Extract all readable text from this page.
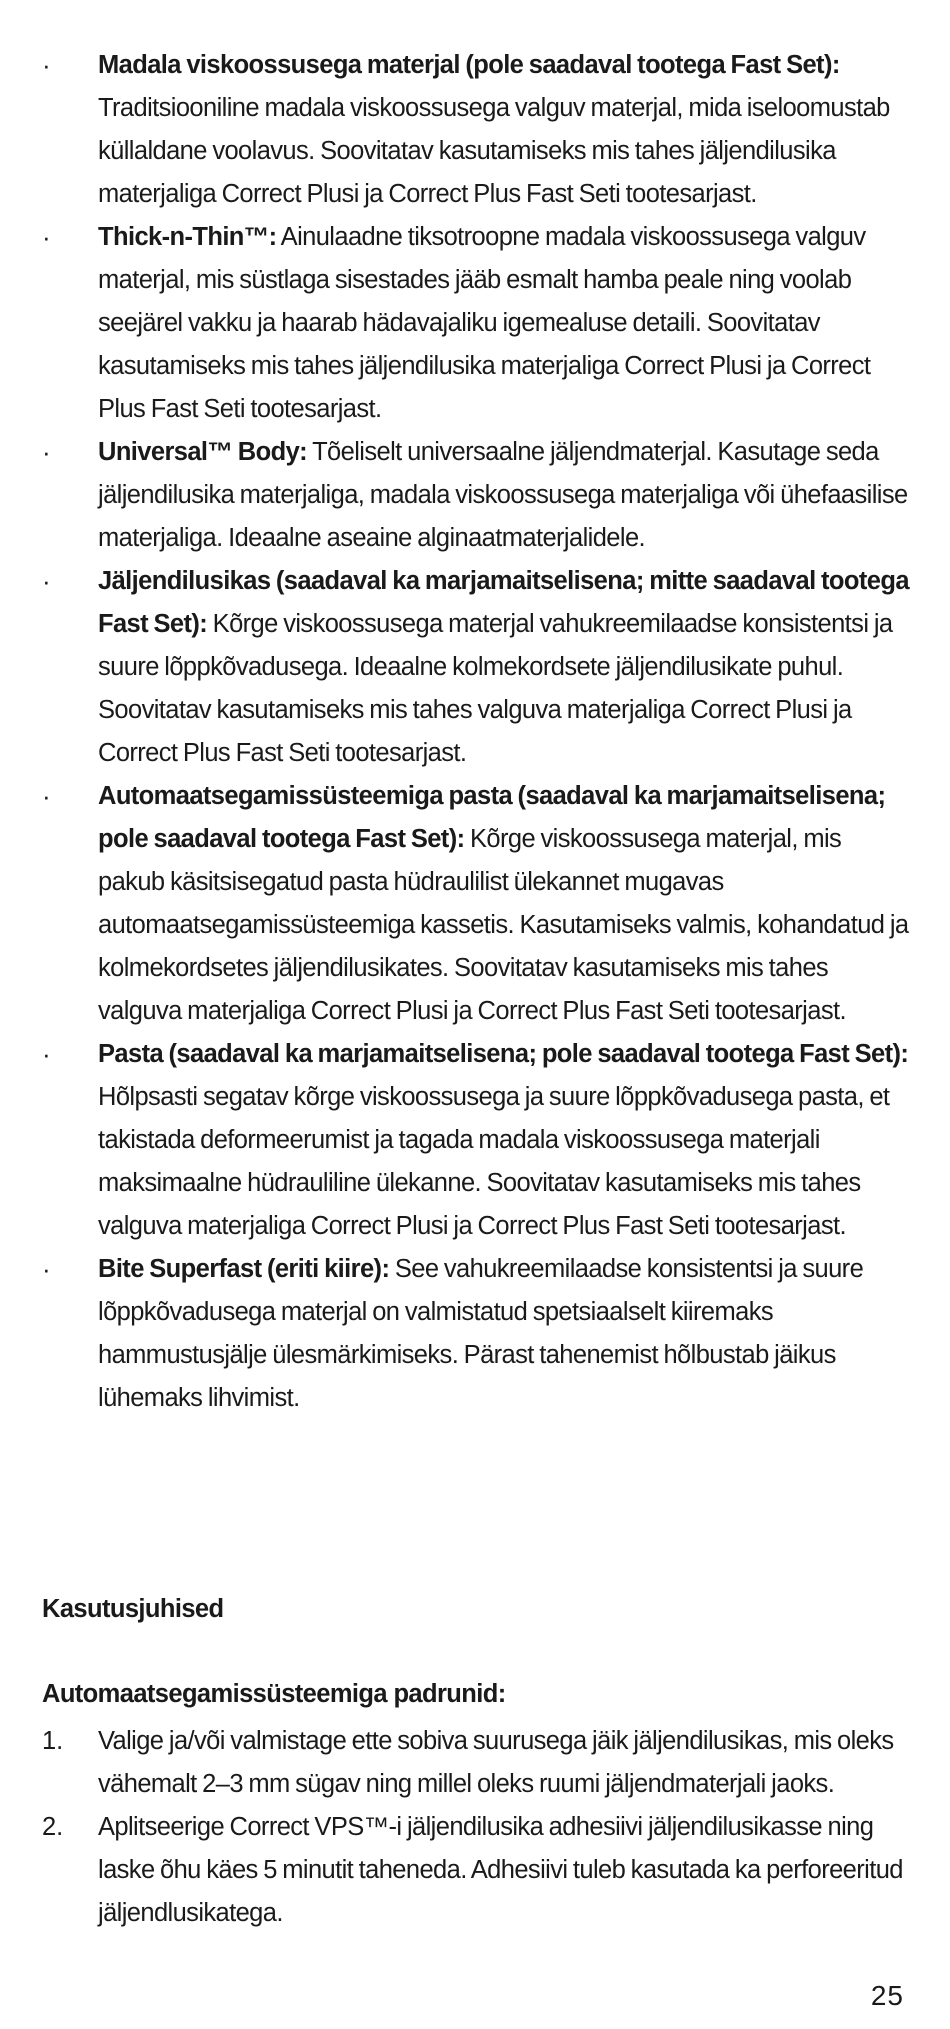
·	Madala viskoossusega materjal (pole saadaval tootega Fast Set): Traditsiooniline madala viskoossusega valguv materjal, mida iseloomustab küllaldane voolavus. Soovitatav kasutamiseks mis tahes jäljendilusika materjaliga Correct Plusi ja Correct Plus Fast Seti tootesarjast.
·	Thick-n-Thin™: Ainulaadne tiksotroopne madala viskoossusega valguv materjal, mis süstlaga sisestades jääb esmalt hamba peale ning voolab seejärel vakku ja haarab hädavajaliku igemealuse detaili. Soovitatav kasutamiseks mis tahes jäljendilusika materjaliga Correct Plusi ja Correct Plus Fast Seti tootesarjast.
·	Universal™ Body: Tõeliselt universaalne jäljendmaterjal. Kasutage seda jäljendilusika materjaliga, madala viskoossusega materjaliga või ühefaasilise materjaliga. Ideaalne aseaine alginaatmaterjalidele.
·	Jäljendilusikas (saadaval ka marjamaitselisena; mitte saadaval tootega Fast Set): Kõrge viskoossusega materjal vahukreemilaadse konsistentsi ja suure lõppkõvadusega. Ideaalne kolmekordsete jäljendilusikate puhul. Soovitatav kasutamiseks mis tahes valguva materjaliga Correct Plusi ja Correct Plus Fast Seti tootesarjast.
·	Automaatsegamissüsteemiga pasta (saadaval ka marjamaitselisena; pole saadaval tootega Fast Set): Kõrge viskoossusega materjal, mis pakub käsitsisegatud pasta hüdraulilist ülekannet mugavas automaatsegamissüsteemiga kassetis. Kasutamiseks valmis, kohandatud ja kolmekordsetes jäljendilusikates. Soovitatav kasutamiseks mis tahes valguva materjaliga Correct Plusi ja Correct Plus Fast Seti tootesarjast.
·	Pasta (saadaval ka marjamaitselisena; pole saadaval tootega Fast Set): Hõlpsasti segatav kõrge viskoossusega ja suure lõppkõvadusega pasta, et takistada deformeerumist ja tagada madala viskoossusega materjali maksimaalne hüdrauliline ülekanne. Soovitatav kasutamiseks mis tahes valguva materjaliga Correct Plusi ja Correct Plus Fast Seti tootesarjast.
·	Bite Superfast (eriti kiire): See vahukreemilaadse konsistentsi ja suure lõppkõvadusega materjal on valmistatud spetsiaalselt kiiremaks hammustusjälje ülesmärkimiseks. Pärast tahenemist hõlbustab jäikus lühemaks lihvimist.
Kasutusjuhised
Automaatsegamissüsteemiga padrunid:
1.	Valige ja/või valmistage ette sobiva suurusega jäik jäljendilusikas, mis oleks vähemalt 2–3 mm sügav ning millel oleks ruumi jäljendmaterjali jaoks.
2.	Aplitseerige Correct VPS™-i jäljendilusika adhesiivi jäljendilusikasse ning laske õhu käes 5 minutit taheneda. Adhesiivi tuleb kasutada ka perforeeritud jäljendlusikatega.
25
